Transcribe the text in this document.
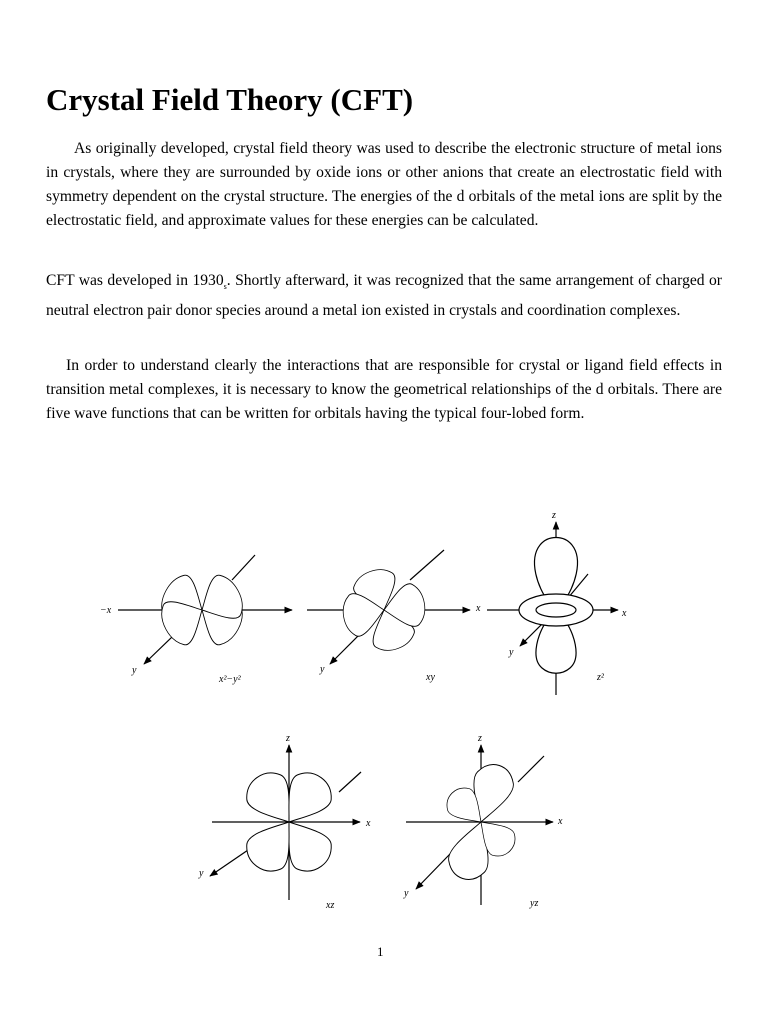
Crystal Field Theory (CFT)

As originally developed, crystal field theory was used to describe the electronic structure of metal ions in crystals, where they are surrounded by oxide ions or other anions that create an electrostatic field with symmetry dependent on the crystal structure. The energies of the d orbitals of the metal ions are split by the electrostatic field, and approximate values for these energies can be calculated.

CFT was developed in $1930_s$. Shortly afterward, it was recognized that the same arrangement of charged or neutral electron pair donor species around a metal ion existed in crystals and coordination complexes.

In order to understand clearly the interactions that are responsible for crystal or ligand field effects in transition metal complexes, it is necessary to know the geometrical relationships of the d orbitals. There are five wave functions that can be written for orbitals having the typical four-lobed form.

−x
y
x²−y²
x
y
xy
z
x
y
z²
z
x
y
xz
z
x
y
yz
1
